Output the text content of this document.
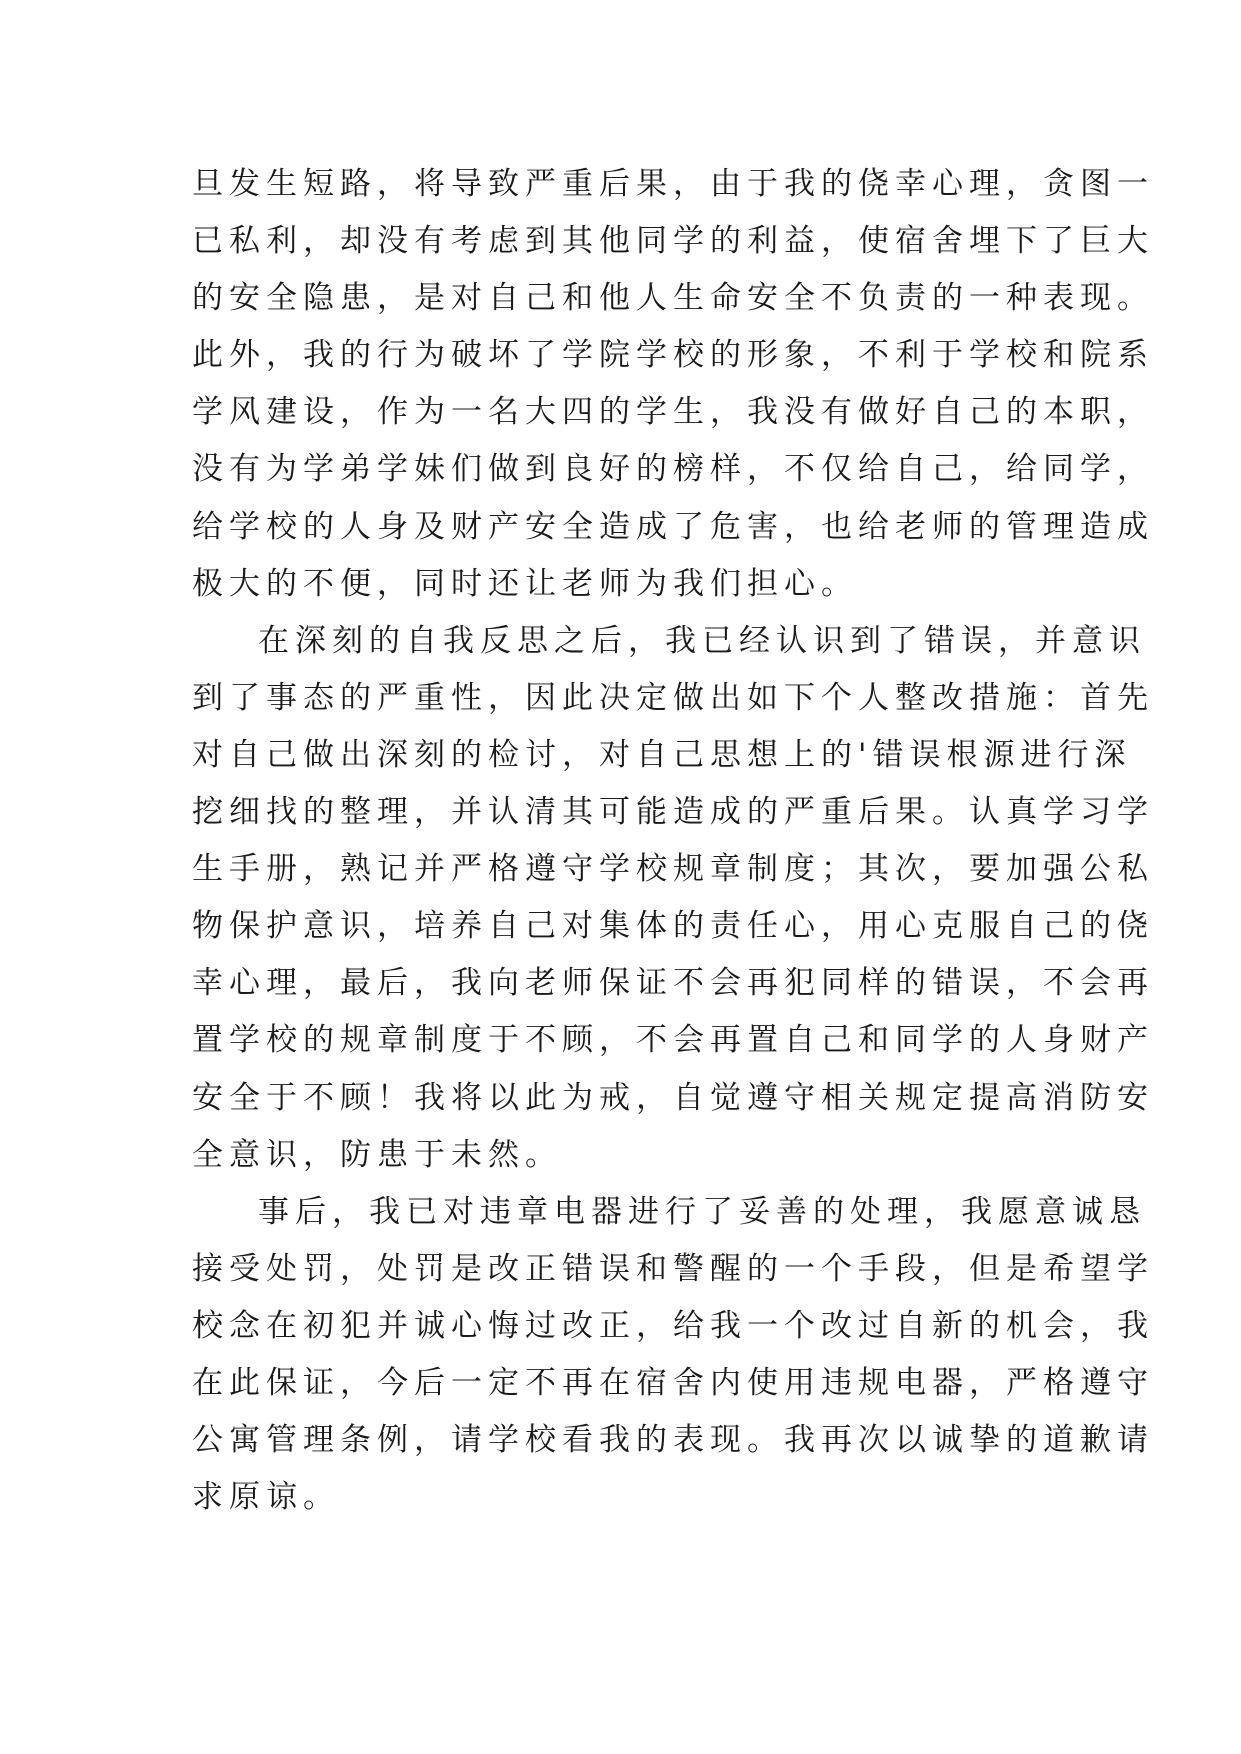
旦发生短路，将导致严重后果，由于我的侥幸心理，贪图一
已私利，却没有考虑到其他同学的利益，使宿舍埋下了巨大
的安全隐患，是对自己和他人生命安全不负责的一种表现。
此外，我的行为破坏了学院学校的形象，不利于学校和院系
学风建设，作为一名大四的学生，我没有做好自己的本职，
没有为学弟学妹们做到良好的榜样，不仅给自己，给同学，
给学校的人身及财产安全造成了危害，也给老师的管理造成
极大的不便，同时还让老师为我们担心。
在深刻的自我反思之后，我已经认识到了错误，并意识
到了事态的严重性，因此决定做出如下个人整改措施：首先
对自己做出深刻的检讨，对自己思想上的'错误根源进行深
挖细找的整理，并认清其可能造成的严重后果。认真学习学
生手册，熟记并严格遵守学校规章制度；其次，要加强公私
物保护意识，培养自己对集体的责任心，用心克服自己的侥
幸心理，最后，我向老师保证不会再犯同样的错误，不会再
置学校的规章制度于不顾，不会再置自己和同学的人身财产
安全于不顾！我将以此为戒，自觉遵守相关规定提高消防安
全意识，防患于未然。
事后，我已对违章电器进行了妥善的处理，我愿意诚恳
接受处罚，处罚是改正错误和警醒的一个手段，但是希望学
校念在初犯并诚心悔过改正，给我一个改过自新的机会，我
在此保证，今后一定不再在宿舍内使用违规电器，严格遵守
公寓管理条例，请学校看我的表现。我再次以诚挚的道歉请
求原谅。
